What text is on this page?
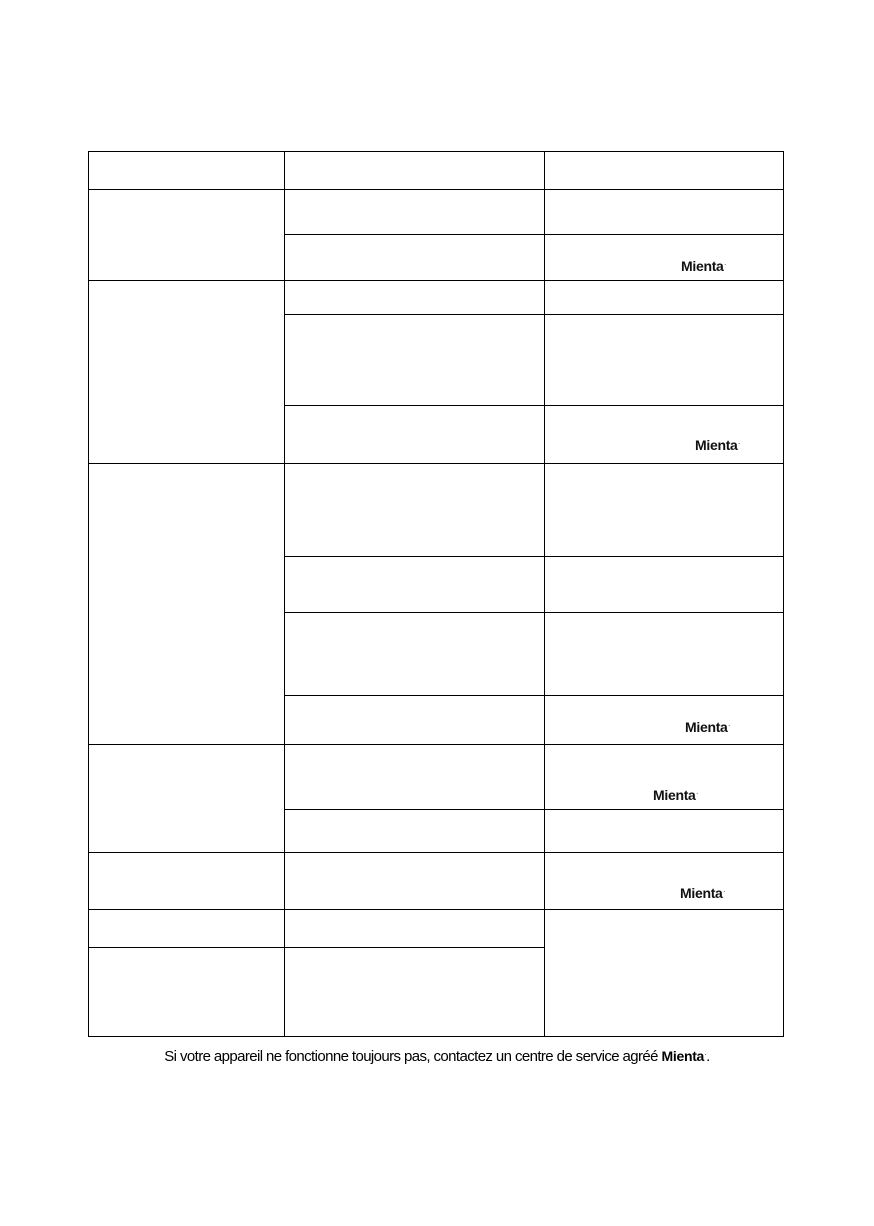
		Mienta.

		Mienta.

		Mienta.

		Mienta.

		Mienta.

Si votre appareil ne fonctionne toujours pas, contactez un centre de service agréé Mienta..
